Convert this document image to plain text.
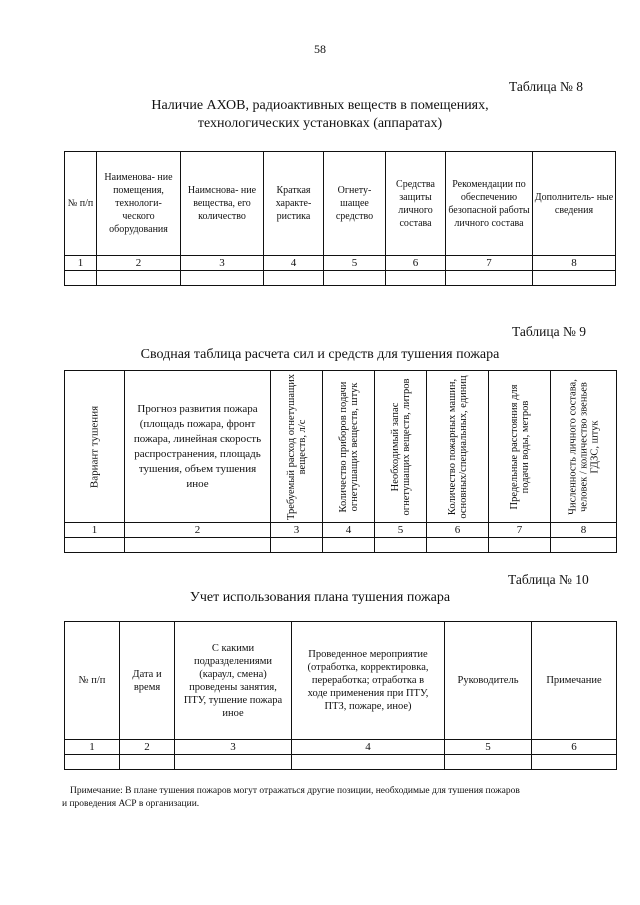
58
Таблица № 8
Наличие АХОВ, радиоактивных веществ в помещениях,
технологических установках (аппаратах)
№ п/п	Наименова- ние помещения, технологи- ческого оборудования	Наимснова- ние вещества, его количество	Краткая характе- ристика	Огнету- шащее средство	Средства защиты личного состава	Рекомендации по обеспечению безопасной работы личного состава	Дополнитель- ные сведения
1	2	3	4	5	6	7	8

Таблица № 9
Сводная таблица расчета сил и средств для тушения пожара
Вариант тушения	Прогноз развития пожара (площадь пожара, фронт пожара, линейная скорость распространения, площадь тушения, объем тушения иное	Требуемый расход огнетушащих веществ, л/с	Количество приборов подачи огнетушащих веществ, штук	Необходимый запас огнетушащих веществ, литров	Количество пожарных машин, основных/специальных, единиц	Предельные расстояния для подачи воды, метров	Численность личного состава, человек / количество звеньев ГДЗС, штук

1	2	3	4	5	6	7	8

Таблица № 10
Учет использования плана тушения пожара
№ п/п	Дата и время	С какими подразделениями (караул, смена) проведены занятия, ПТУ, тушение пожара иное	Проведенное мероприятие (отработка, корректировка, переработка; отработка в ходе применения при ПТУ, ПТЗ, пожаре, иное)	Руководитель	Примечание
1	2	3	4	5	6

Примечание: В плане тушения пожаров могут отражаться другие позиции, необходимые для тушения пожаров
и проведения АСР в организации.
